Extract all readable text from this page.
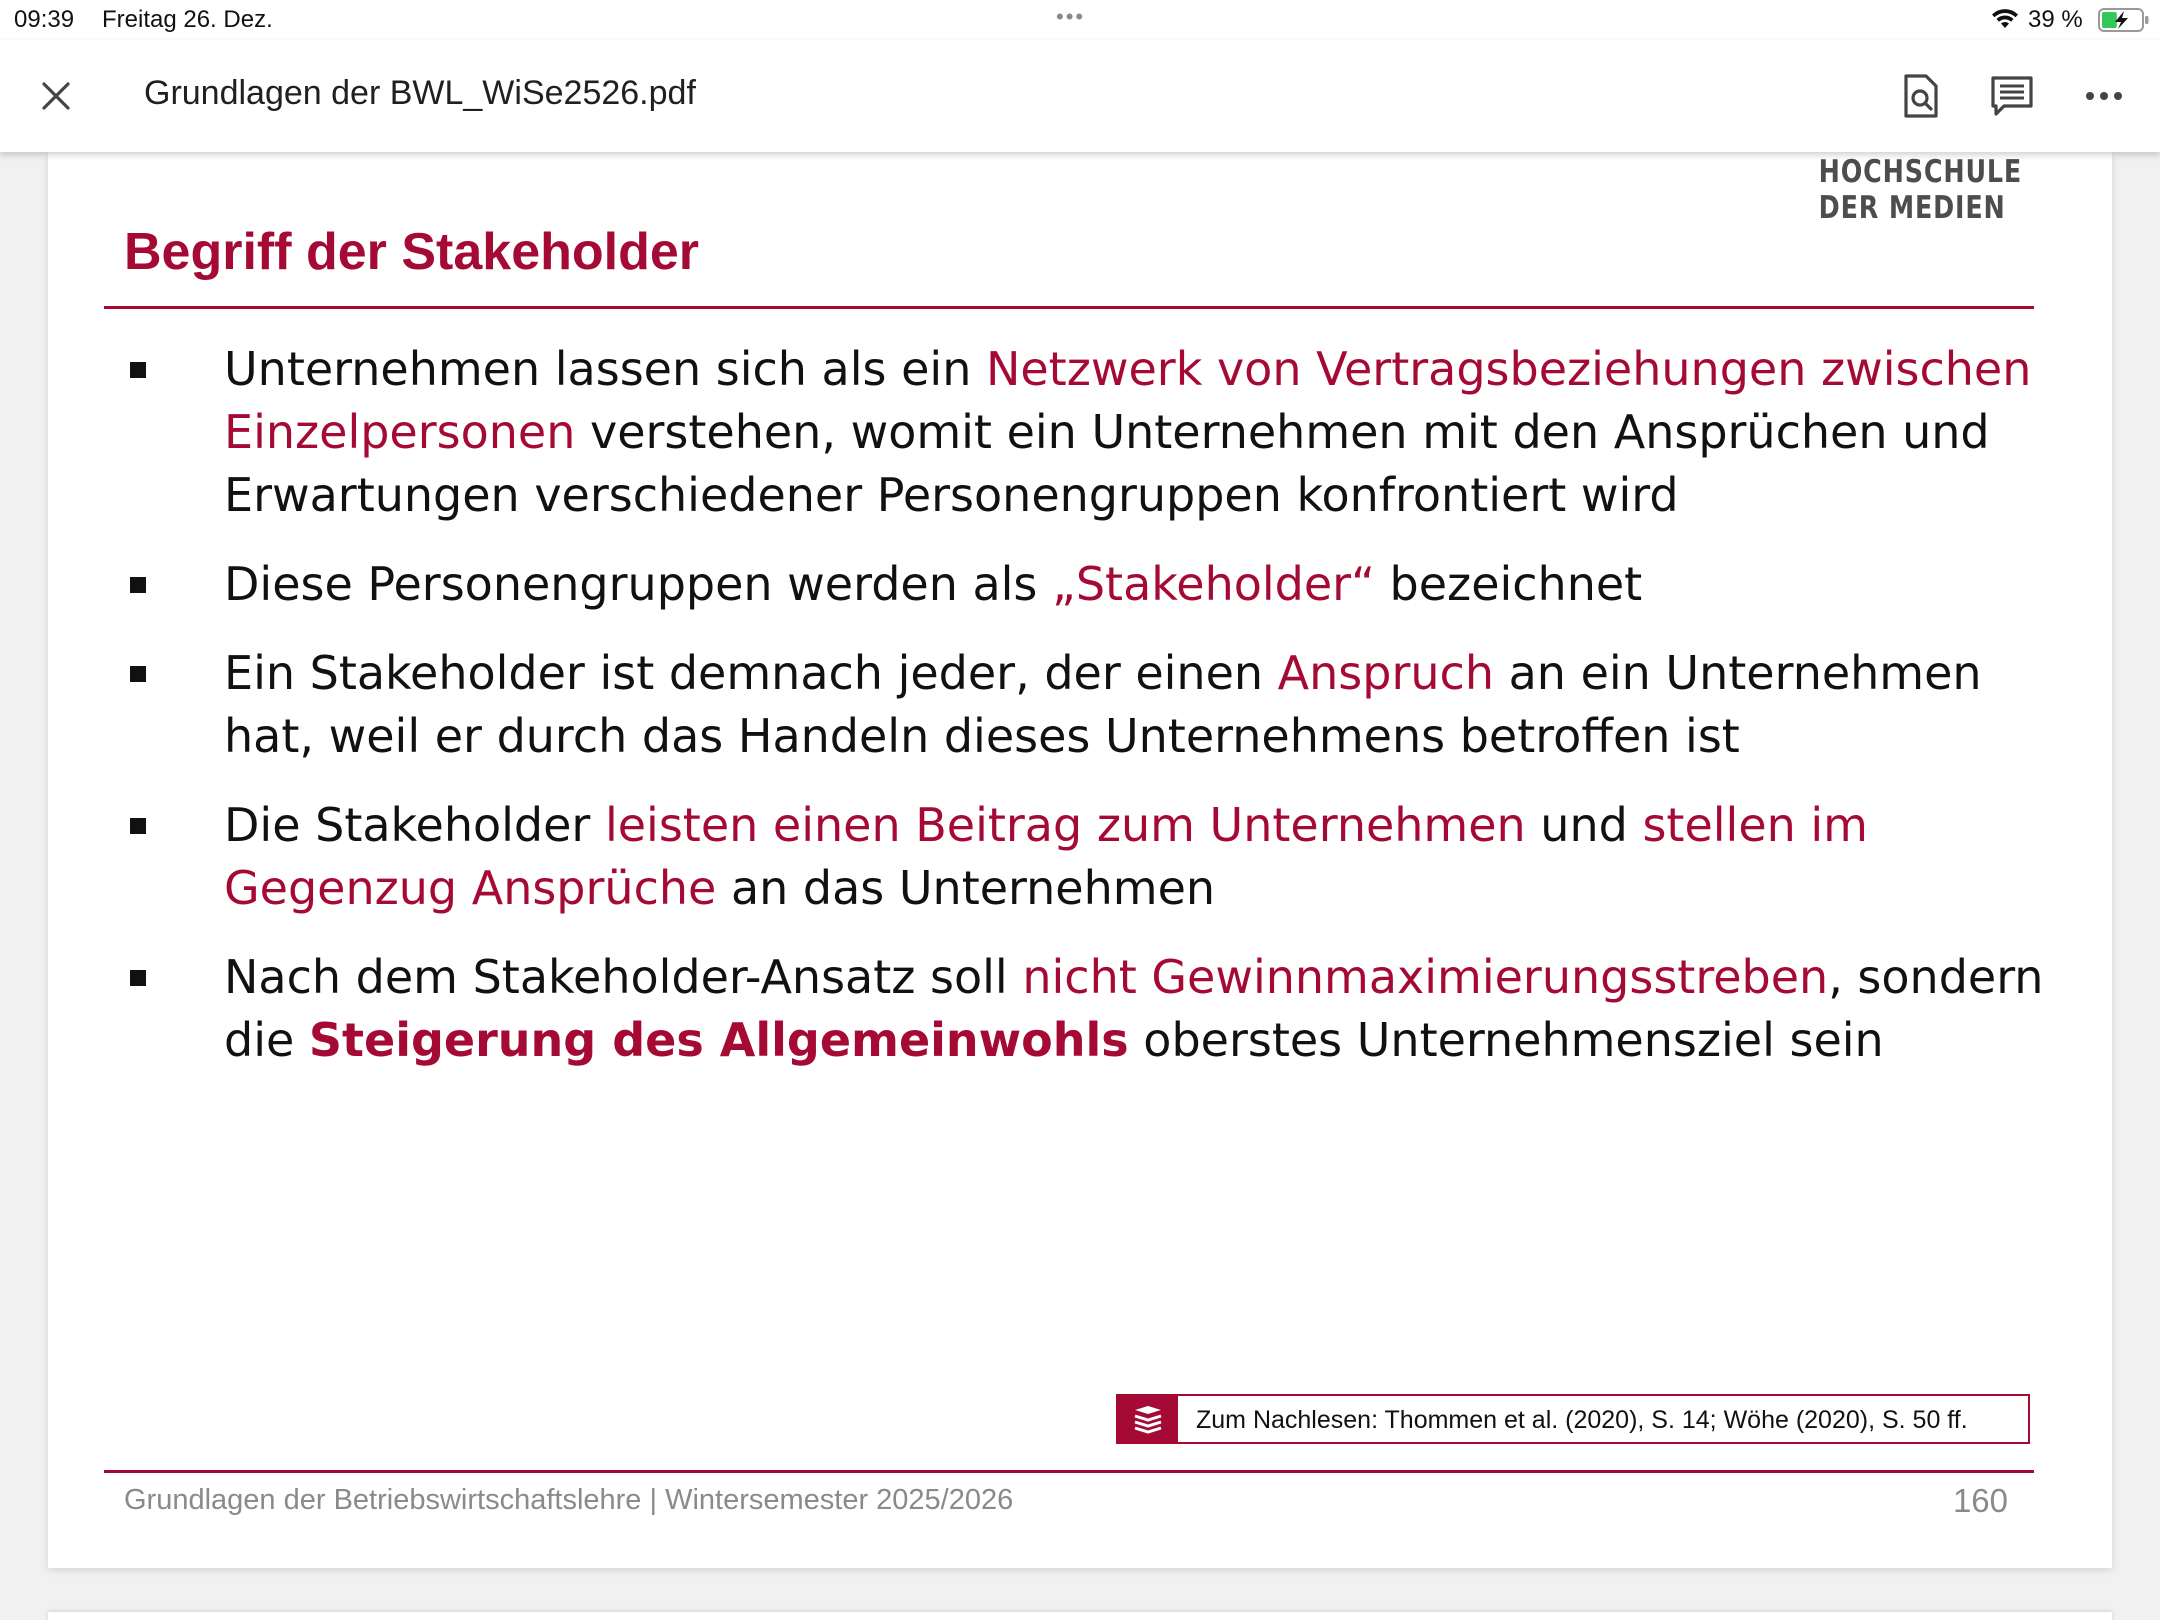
09:39 Freitag 26. Dez.	•••	39 %
Grundlagen der BWL_WiSe2526.pdf
HOCHSCHULE
DER MEDIEN
Begriff der Stakeholder
Unternehmen lassen sich als ein Netzwerk von Vertragsbeziehungen zwischen Einzelpersonen verstehen, womit ein Unternehmen mit den Ansprüchen und Erwartungen verschiedener Personengruppen konfrontiert wird
Diese Personengruppen werden als „Stakeholder“ bezeichnet
Ein Stakeholder ist demnach jeder, der einen Anspruch an ein Unternehmen hat, weil er durch das Handeln dieses Unternehmens betroffen ist
Die Stakeholder leisten einen Beitrag zum Unternehmen und stellen im Gegenzug Ansprüche an das Unternehmen
Nach dem Stakeholder-Ansatz soll nicht Gewinnmaximierungsstreben, sondern die Steigerung des Allgemeinwohls oberstes Unternehmensziel sein
Zum Nachlesen: Thommen et al. (2020), S. 14; Wöhe (2020), S. 50 ff.
Grundlagen der Betriebswirtschaftslehre | Wintersemester 2025/2026	160
